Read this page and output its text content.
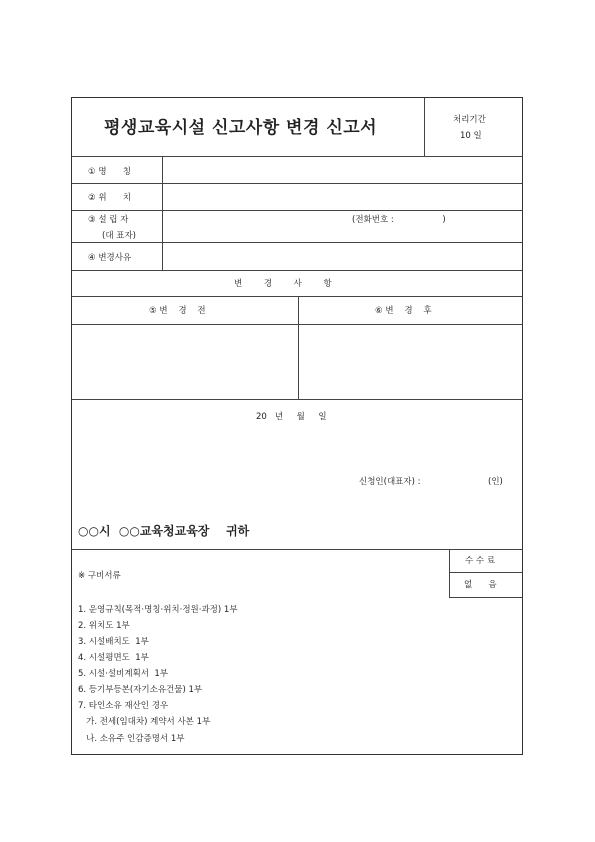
평생교육시설 신고사항 변경 신고서	처리기간
10 일
① 명      칭
② 위      치
③ 설 립 자
(대 표자)
(전화번호 :                  )
④ 변경사유
변        경        사        항
⑤ 변    경    전	⑥ 변    경    후
20   년     월     일
신청인(대표자) :	(인)
○○시  ○○교육청교육장    귀하
수 수 료
없      음
※ 구비서류
1. 운영규칙(목적·명칭·위치·정원·과정) 1부
2. 위치도 1부
3. 시설배치도  1부
4. 시설평면도  1부
5. 시설·설비계획서  1부
6. 등기부등본(자기소유건물) 1부
7. 타인소유 재산인 경우
가. 전세(임대차) 계약서 사본 1부
나. 소유주 인감증명서 1부
